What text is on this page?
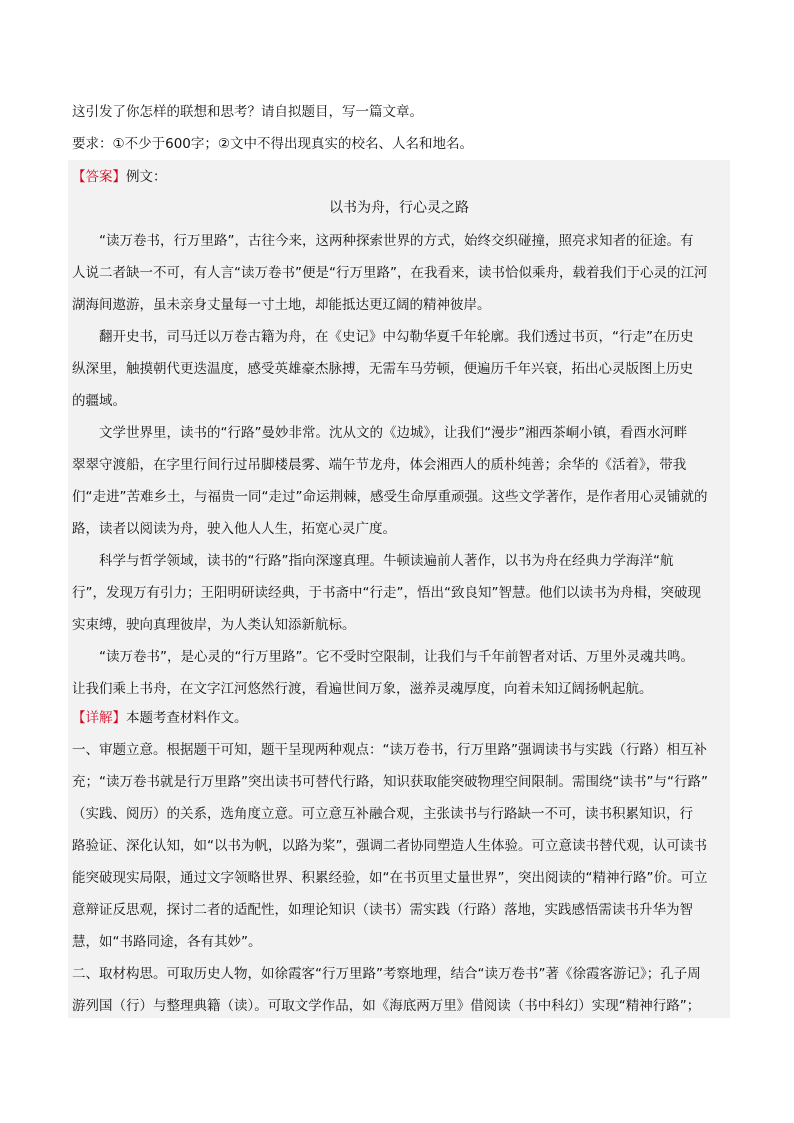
这引发了你怎样的联想和思考？请自拟题目，写一篇文章。
要求：①不少于600字；②文中不得出现真实的校名、人名和地名。
【答案】例文：
以书为舟，行心灵之路

　　“读万卷书，行万里路”，古往今来，这两种探索世界的方式，始终交织碰撞，照亮求知者的征途。有

人说二者缺一不可，有人言“读万卷书”便是“行万里路”，在我看来，读书恰似乘舟，载着我们于心灵的江河

湖海间遨游，虽未亲身丈量每一寸土地，却能抵达更辽阔的精神彼岸。

　　翻开史书，司马迁以万卷古籍为舟，在《史记》中勾勒华夏千年轮廓。我们透过书页，“行走”在历史

纵深里，触摸朝代更迭温度，感受英雄豪杰脉搏，无需车马劳顿，便遍历千年兴衰，拓出心灵版图上历史

的疆域。

　　文学世界里，读书的“行路”曼妙非常。沈从文的《边城》，让我们“漫步”湘西茶峒小镇，看酉水河畔

翠翠守渡船，在字里行间行过吊脚楼晨雾、端午节龙舟，体会湘西人的质朴纯善；余华的《活着》，带我

们“走进”苦难乡土，与福贵一同“走过”命运荆棘，感受生命厚重顽强。这些文学著作，是作者用心灵铺就的

路，读者以阅读为舟，驶入他人人生，拓宽心灵广度。

　　科学与哲学领域，读书的“行路”指向深邃真理。牛顿读遍前人著作，以书为舟在经典力学海洋“航

行”，发现万有引力；王阳明研读经典，于书斋中“行走”，悟出“致良知”智慧。他们以读书为舟楫，突破现

实束缚，驶向真理彼岸，为人类认知添新航标。

　　“读万卷书”，是心灵的“行万里路”。它不受时空限制，让我们与千年前智者对话、万里外灵魂共鸣。

让我们乘上书舟，在文字江河悠然行渡，看遍世间万象，滋养灵魂厚度，向着未知辽阔扬帆起航。

【详解】本题考查材料作文。

一、审题立意。根据题干可知，题干呈现两种观点：“读万卷书，行万里路”强调读书与实践（行路）相互补

充；“读万卷书就是行万里路”突出读书可替代行路，知识获取能突破物理空间限制。需围绕“读书”与“行路”

（实践、阅历）的关系，选角度立意。可立意互补融合观，主张读书与行路缺一不可，读书积累知识，行

路验证、深化认知，如“以书为帆，以路为桨”，强调二者协同塑造人生体验。可立意读书替代观，认可读书

能突破现实局限，通过文字领略世界、积累经验，如“在书页里丈量世界”，突出阅读的“精神行路”价。可立

意辩证反思观，探讨二者的适配性，如理论知识（读书）需实践（行路）落地，实践感悟需读书升华为智

慧，如“书路同途，各有其妙”。

二、取材构思。可取历史人物，如徐霞客“行万里路”考察地理，结合“读万卷书”著《徐霞客游记》；孔子周

游列国（行）与整理典籍（读）。可取文学作品，如《海底两万里》借阅读（书中科幻）实现“精神行路”；
